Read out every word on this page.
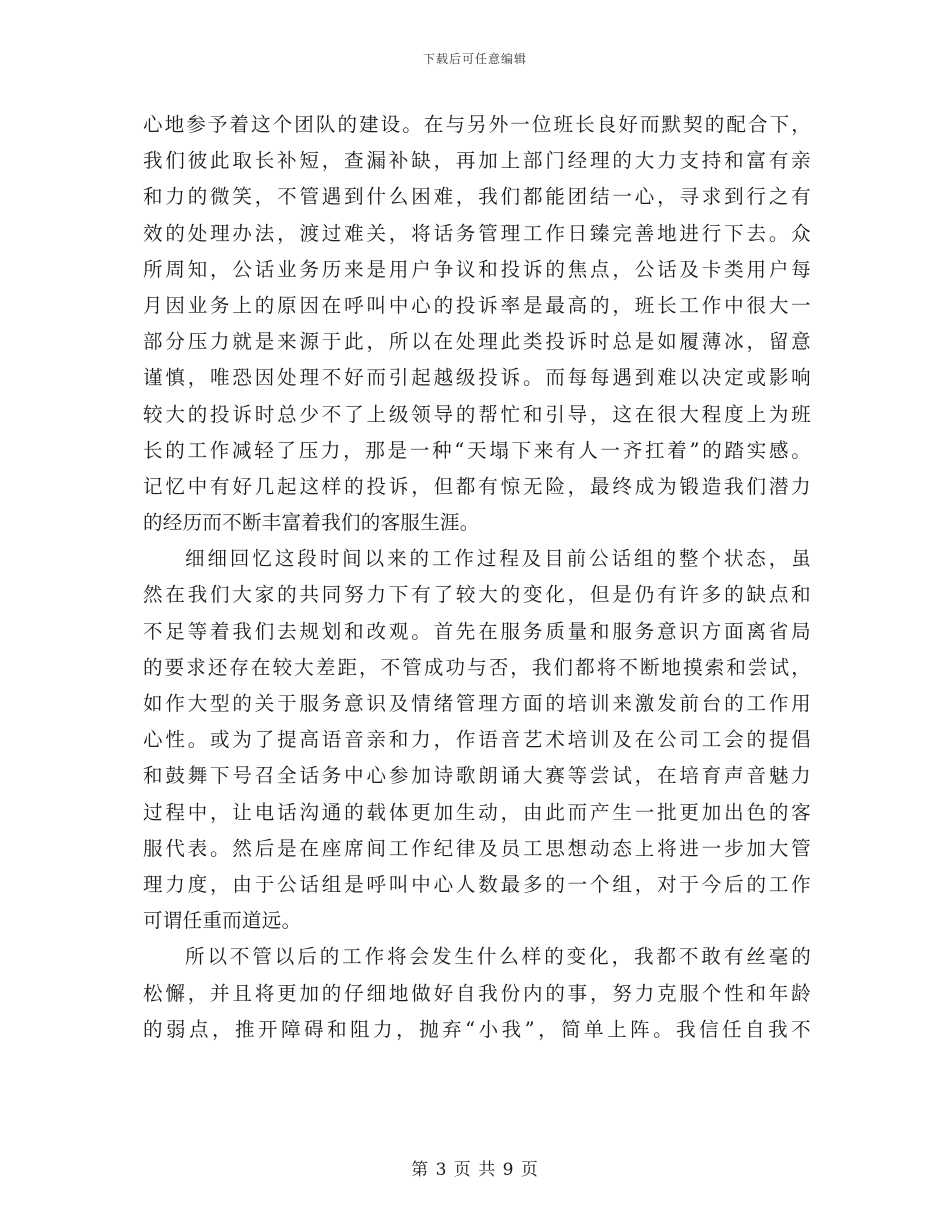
下载后可任意编辑
心地参予着这个团队的建设。在与另外一位班长良好而默契的配合下，
我们彼此取长补短，查漏补缺，再加上部门经理的大力支持和富有亲
和力的微笑，不管遇到什么困难，我们都能团结一心，寻求到行之有
效的处理办法，渡过难关，将话务管理工作日臻完善地进行下去。众
所周知，公话业务历来是用户争议和投诉的焦点，公话及卡类用户每
月因业务上的原因在呼叫中心的投诉率是最高的，班长工作中很大一
部分压力就是来源于此，所以在处理此类投诉时总是如履薄冰，留意
谨慎，唯恐因处理不好而引起越级投诉。而每每遇到难以决定或影响
较大的投诉时总少不了上级领导的帮忙和引导，这在很大程度上为班
长的工作减轻了压力，那是一种“天塌下来有人一齐扛着”的踏实感。
记忆中有好几起这样的投诉，但都有惊无险，最终成为锻造我们潜力
的经历而不断丰富着我们的客服生涯。
细细回忆这段时间以来的工作过程及目前公话组的整个状态，虽
然在我们大家的共同努力下有了较大的变化，但是仍有许多的缺点和
不足等着我们去规划和改观。首先在服务质量和服务意识方面离省局
的要求还存在较大差距，不管成功与否，我们都将不断地摸索和尝试，
如作大型的关于服务意识及情绪管理方面的培训来激发前台的工作用
心性。或为了提高语音亲和力，作语音艺术培训及在公司工会的提倡
和鼓舞下号召全话务中心参加诗歌朗诵大赛等尝试，在培育声音魅力
过程中，让电话沟通的载体更加生动，由此而产生一批更加出色的客
服代表。然后是在座席间工作纪律及员工思想动态上将进一步加大管
理力度，由于公话组是呼叫中心人数最多的一个组，对于今后的工作
可谓任重而道远。
所以不管以后的工作将会发生什么样的变化，我都不敢有丝毫的
松懈，并且将更加的仔细地做好自我份内的事，努力克服个性和年龄
的弱点，推开障碍和阻力，抛弃“小我”，简单上阵。我信任自我不
第 3 页 共 9 页
